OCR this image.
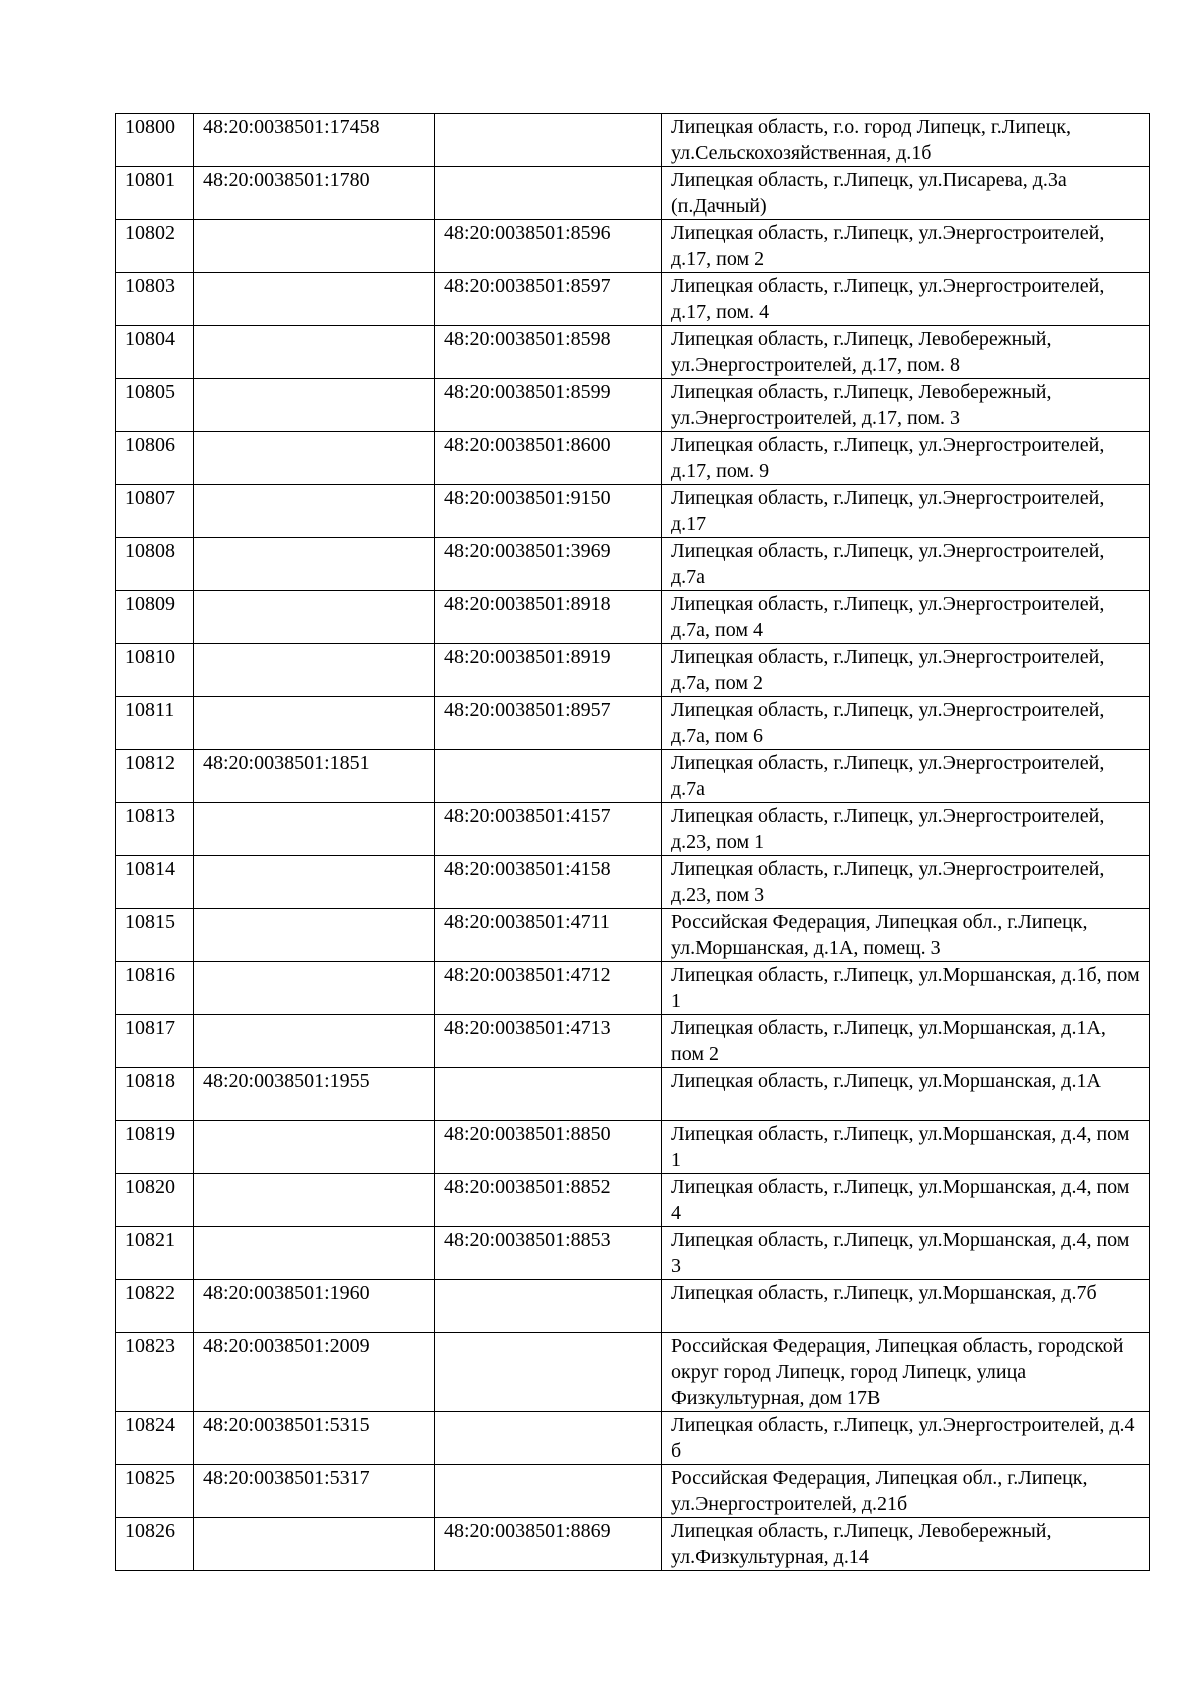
10800	48:20:0038501:17458		Липецкая область, г.о. город Липецк, г.Липецк, ул.Сельскохозяйственная, д.1б
10801	48:20:0038501:1780		Липецкая область, г.Липецк, ул.Писарева, д.3а (п.Дачный)
10802		48:20:0038501:8596	Липецкая область, г.Липецк, ул.Энергостроителей, д.17, пом 2
10803		48:20:0038501:8597	Липецкая область, г.Липецк, ул.Энергостроителей, д.17, пом. 4
10804		48:20:0038501:8598	Липецкая область, г.Липецк, Левобережный, ул.Энергостроителей, д.17, пом. 8
10805		48:20:0038501:8599	Липецкая область, г.Липецк, Левобережный, ул.Энергостроителей, д.17, пом. 3
10806		48:20:0038501:8600	Липецкая область, г.Липецк, ул.Энергостроителей, д.17, пом. 9
10807		48:20:0038501:9150	Липецкая область, г.Липецк, ул.Энергостроителей, д.17
10808		48:20:0038501:3969	Липецкая область, г.Липецк, ул.Энергостроителей, д.7а
10809		48:20:0038501:8918	Липецкая область, г.Липецк, ул.Энергостроителей, д.7а, пом 4
10810		48:20:0038501:8919	Липецкая область, г.Липецк, ул.Энергостроителей, д.7а, пом 2
10811		48:20:0038501:8957	Липецкая область, г.Липецк, ул.Энергостроителей, д.7а, пом 6
10812	48:20:0038501:1851		Липецкая область, г.Липецк, ул.Энергостроителей, д.7а
10813		48:20:0038501:4157	Липецкая область, г.Липецк, ул.Энергостроителей, д.23, пом 1
10814		48:20:0038501:4158	Липецкая область, г.Липецк, ул.Энергостроителей, д.23, пом 3
10815		48:20:0038501:4711	Российская Федерация, Липецкая обл., г.Липецк, ул.Моршанская, д.1А, помещ. 3
10816		48:20:0038501:4712	Липецкая область, г.Липецк, ул.Моршанская, д.1б, пом 1
10817		48:20:0038501:4713	Липецкая область, г.Липецк, ул.Моршанская, д.1А, пом 2
10818	48:20:0038501:1955		Липецкая область, г.Липецк, ул.Моршанская, д.1А
10819		48:20:0038501:8850	Липецкая область, г.Липецк, ул.Моршанская, д.4, пом 1
10820		48:20:0038501:8852	Липецкая область, г.Липецк, ул.Моршанская, д.4, пом 4
10821		48:20:0038501:8853	Липецкая область, г.Липецк, ул.Моршанская, д.4, пом 3
10822	48:20:0038501:1960		Липецкая область, г.Липецк, ул.Моршанская, д.7б
10823	48:20:0038501:2009		Российская Федерация, Липецкая область, городской округ город Липецк, город Липецк, улица Физкультурная, дом 17В
10824	48:20:0038501:5315		Липецкая область, г.Липецк, ул.Энергостроителей, д.4 б
10825	48:20:0038501:5317		Российская Федерация, Липецкая обл., г.Липецк, ул.Энергостроителей, д.21б
10826		48:20:0038501:8869	Липецкая область, г.Липецк, Левобережный, ул.Физкультурная, д.14
